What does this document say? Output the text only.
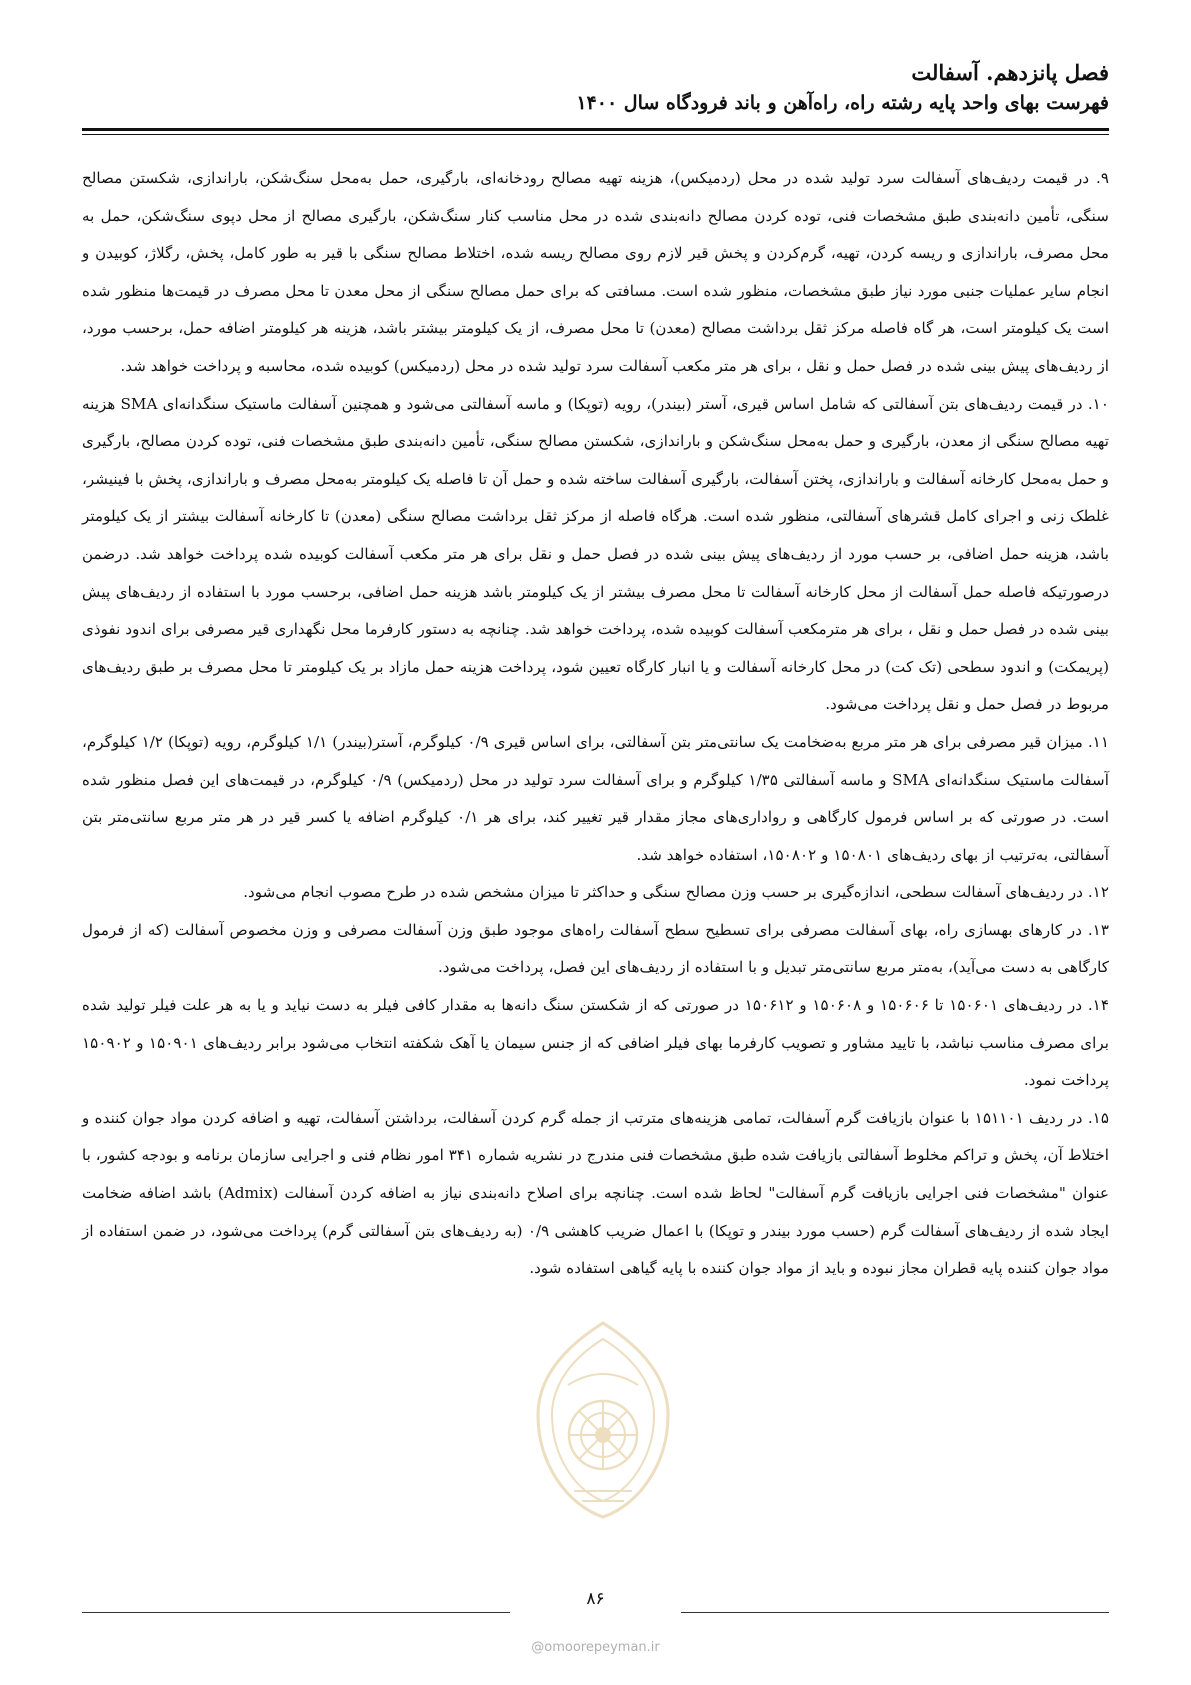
فصل پانزدهم. آسفالت
فهرست بهای واحد پایه رشته راه، راه‌آهن و باند فرودگاه سال ۱۴۰۰

۹. در قیمت ردیف‌های آسفالت سرد تولید شده در محل (ردمیکس)، هزینه تهیه مصالح رودخانه‌ای، بارگیری، حمل به‌محل سنگ‌شکن، باراندازی، شکستن مصالح سنگی، تأمین دانه‌بندی طبق مشخصات فنی، توده کردن مصالح دانه‌بندی شده در محل مناسب کنار سنگ‌شکن، بارگیری مصالح از محل دپوی سنگ‌شکن، حمل به محل مصرف، باراندازی و ریسه کردن، تهیه، گرم‌کردن و پخش قیر لازم روی مصالح ریسه شده، اختلاط مصالح سنگی با قیر به طور کامل، پخش، رگلاژ، کوبیدن و انجام سایر عملیات جنبی مورد نیاز طبق مشخصات، منظور شده است. مسافتی که برای حمل مصالح سنگی از محل معدن تا محل مصرف در قیمت‌ها منظور شده است یک کیلومتر است، هر گاه فاصله مرکز ثقل برداشت مصالح (معدن) تا محل مصرف، از یک کیلومتر بیشتر باشد، هزینه هر کیلومتر اضافه حمل، برحسب مورد، از ردیف‌های پیش بینی شده در فصل حمل و نقل ، برای هر متر مکعب آسفالت سرد تولید شده در محل (ردمیکس) کوبیده شده، محاسبه و پرداخت خواهد شد.

۱۰. در قیمت ردیف‌های بتن آسفالتی که شامل اساس قیری، آستر (بیندر)، رویه (توپکا) و ماسه آسفالتی می‌شود و همچنین آسفالت ماستیک سنگدانه‌ای SMA هزینه تهیه مصالح سنگی از معدن، بارگیری و حمل به‌محل سنگ‌شکن و باراندازی، شکستن مصالح سنگی، تأمین دانه‌بندی طبق مشخصات فنی، توده کردن مصالح، بارگیری و حمل به‌محل کارخانه آسفالت و باراندازی، پختن آسفالت، بارگیری آسفالت ساخته شده و حمل آن تا فاصله یک کیلومتر به‌محل مصرف و باراندازی، پخش با فینیشر، غلطک زنی و اجرای کامل قشرهای آسفالتی، منظور شده است. هرگاه فاصله از مرکز ثقل برداشت مصالح سنگی (معدن) تا کارخانه آسفالت بیشتر از یک کیلومتر باشد، هزینه حمل اضافی، بر حسب مورد از ردیف‌های پیش بینی شده در فصل حمل و نقل برای هر متر مکعب آسفالت کوبیده شده پرداخت خواهد شد. درضمن درصورتیکه فاصله حمل آسفالت از محل کارخانه آسفالت تا محل مصرف بیشتر از یک کیلومتر باشد هزینه حمل اضافی، برحسب مورد با استفاده از ردیف‌های پیش بینی شده در فصل حمل و نقل ، برای هر مترمکعب آسفالت کوبیده شده، پرداخت خواهد شد. چنانچه به دستور کارفرما محل نگهداری قیر مصرفی برای اندود نفوذی (پریمکت) و اندود سطحی (تک کت) در محل کارخانه آسفالت و یا انبار کارگاه تعیین شود، پرداخت هزینه حمل مازاد بر یک کیلومتر تا محل مصرف بر طبق ردیف‌های مربوط در فصل حمل و نقل پرداخت می‌شود.

۱۱. میزان قیر مصرفی برای هر متر مربع به‌ضخامت یک سانتی‌متر بتن آسفالتی، برای اساس قیری ۰/۹ کیلوگرم، آستر(بیندر) ۱/۱ کیلوگرم، رویه (توپکا) ۱/۲ کیلوگرم، آسفالت ماستیک سنگدانه‌ای SMA و ماسه آسفالتی ۱/۳۵ کیلوگرم و برای آسفالت سرد تولید در محل (ردمیکس) ۰/۹ کیلوگرم، در قیمت‌های این فصل منظور شده است. در صورتی که بر اساس فرمول کارگاهی و رواداری‌های مجاز مقدار قیر تغییر کند، برای هر ۰/۱ کیلوگرم اضافه یا کسر قیر در هر متر مربع سانتی‌متر بتن آسفالتی، به‌ترتیب از بهای ردیف‌های ۱۵۰۸۰۱ و ۱۵۰۸۰۲، استفاده خواهد شد.

۱۲. در ردیف‌های آسفالت سطحی، اندازه‌گیری بر حسب وزن مصالح سنگی و حداکثر تا میزان مشخص شده در طرح مصوب انجام می‌شود.

۱۳. در کارهای بهسازی راه، بهای آسفالت مصرفی برای تسطیح سطح آسفالت راه‌های موجود طبق وزن آسفالت مصرفی و وزن مخصوص آسفالت (که از فرمول کارگاهی به دست می‌آید)، به‌متر مربع سانتی‌متر تبدیل و با استفاده از ردیف‌های این فصل، پرداخت می‌شود.

۱۴. در ردیف‌های ۱۵۰۶۰۱ تا ۱۵۰۶۰۶ و ۱۵۰۶۰۸ و ۱۵۰۶۱۲ در صورتی که از شکستن سنگ دانه‌ها به مقدار کافی فیلر به دست نیاید و یا به هر علت فیلر تولید شده برای مصرف مناسب نباشد، با تایید مشاور و تصویب کارفرما بهای فیلر اضافی که از جنس سیمان یا آهک شکفته انتخاب می‌شود برابر ردیف‌های ۱۵۰۹۰۱ و ۱۵۰۹۰۲ پرداخت نمود.

۱۵. در ردیف ۱۵۱۱۰۱ با عنوان بازیافت گرم آسفالت، تمامی هزینه‌های مترتب از جمله گرم کردن آسفالت، برداشتن آسفالت، تهیه و اضافه کردن مواد جوان کننده و اختلاط آن، پخش و تراکم مخلوط آسفالتی بازیافت شده طبق مشخصات فنی مندرج در نشریه شماره ۳۴۱ امور نظام فنی و اجرایی سازمان برنامه و بودجه کشور، با عنوان "مشخصات فنی اجرایی بازیافت گرم آسفالت" لحاظ شده است. چنانچه برای اصلاح دانه‌بندی نیاز به اضافه کردن آسفالت (Admix) باشد اضافه ضخامت ایجاد شده از ردیف‌های آسفالت گرم (حسب مورد بیندر و توپکا) با اعمال ضریب کاهشی ۰/۹ (به ردیف‌های بتن آسفالتی گرم) پرداخت می‌شود، در ضمن استفاده از مواد جوان کننده پایه قطران مجاز نبوده و باید از مواد جوان کننده با پایه گیاهی استفاده شود.

۸۶
@omoorepeyman.ir
